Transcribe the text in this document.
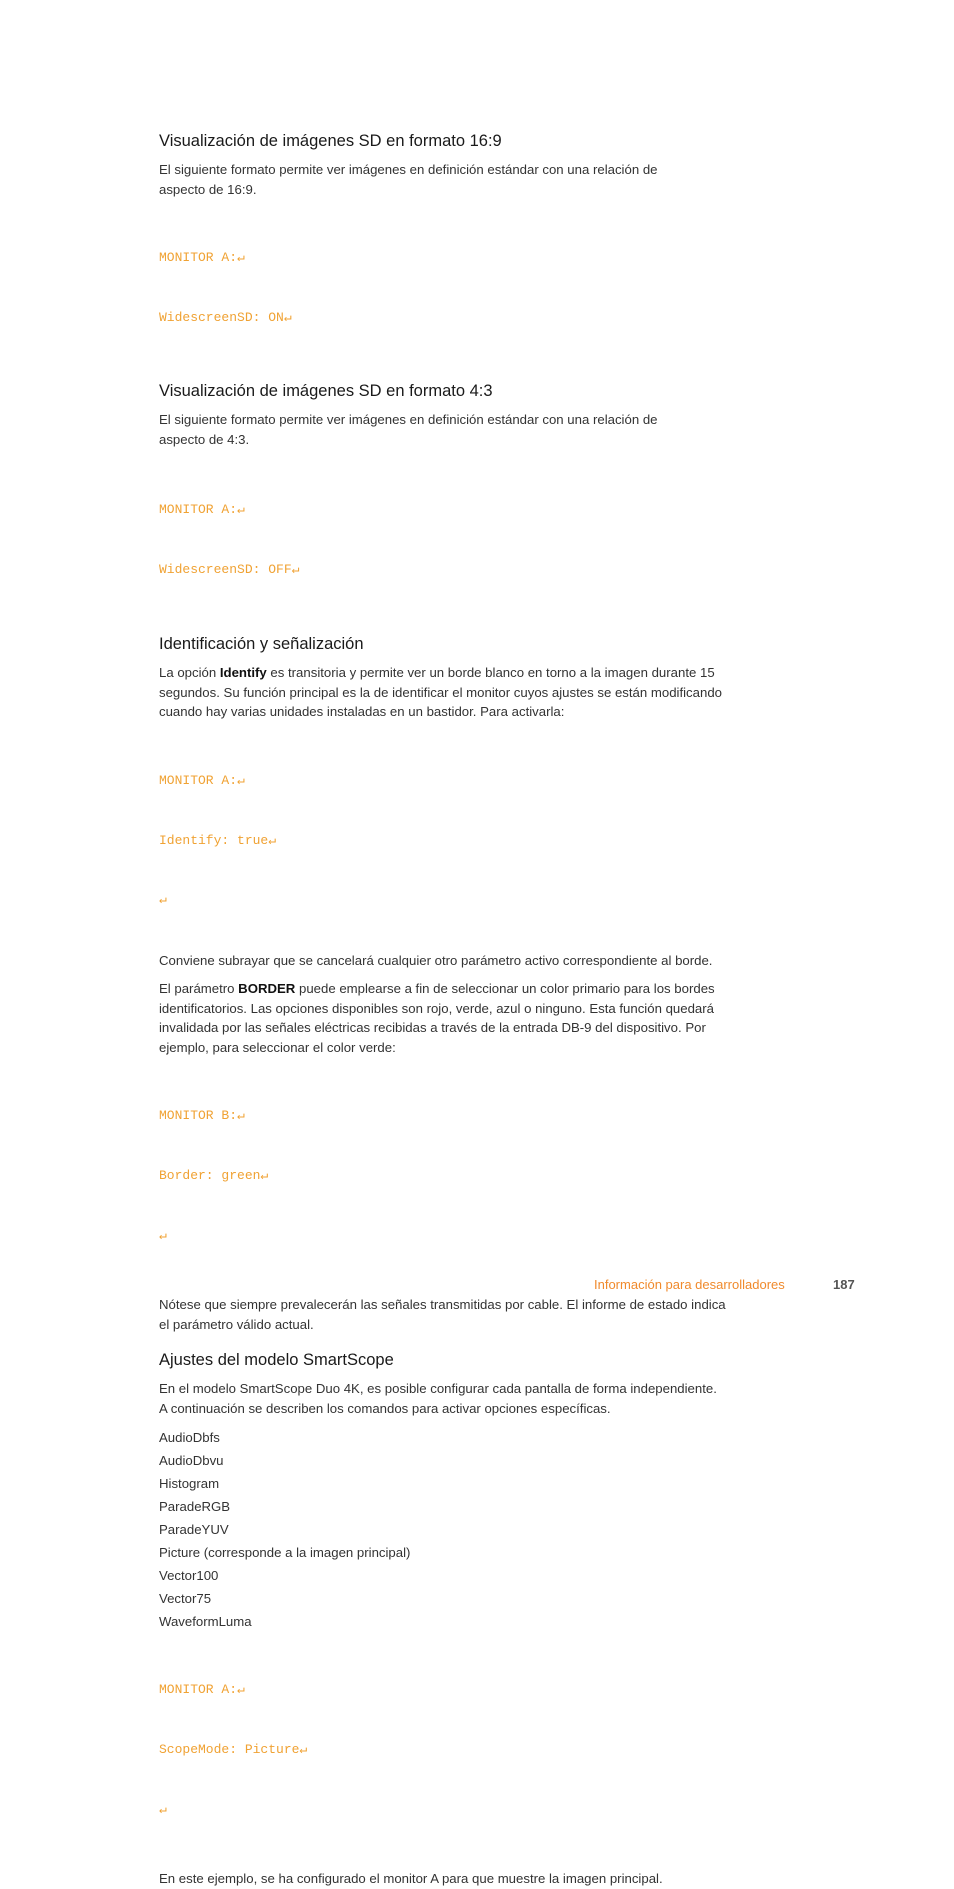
Visualización de imágenes SD en formato 16:9

El siguiente formato permite ver imágenes en definición estándar con una relación de
aspecto de 16:9.

MONITOR A:↵

WidescreenSD: ON↵

Visualización de imágenes SD en formato 4:3

El siguiente formato permite ver imágenes en definición estándar con una relación de
aspecto de 4:3.

MONITOR A:↵

WidescreenSD: OFF↵

Identificación y señalización

La opción Identify es transitoria y permite ver un borde blanco en torno a la imagen durante 15
segundos. Su función principal es la de identificar el monitor cuyos ajustes se están modificando
cuando hay varias unidades instaladas en un bastidor. Para activarla:

MONITOR A:↵

Identify: true↵

↵

Conviene subrayar que se cancelará cualquier otro parámetro activo correspondiente al borde.

El parámetro BORDER puede emplearse a fin de seleccionar un color primario para los bordes
identificatorios. Las opciones disponibles son rojo, verde, azul o ninguno. Esta función quedará
invalidada por las señales eléctricas recibidas a través de la entrada DB-9 del dispositivo. Por
ejemplo, para seleccionar el color verde:

MONITOR B:↵

Border: green↵

↵

Nótese que siempre prevalecerán las señales transmitidas por cable. El informe de estado indica
el parámetro válido actual.

Ajustes del modelo SmartScope

En el modelo SmartScope Duo 4K, es posible configurar cada pantalla de forma independiente.
A continuación se describen los comandos para activar opciones específicas.

AudioDbfs
AudioDbvu
Histogram
ParadeRGB
ParadeYUV
Picture (corresponde a la imagen principal)
Vector100
Vector75
WaveformLuma

MONITOR A:↵

ScopeMode: Picture↵

↵

En este ejemplo, se ha configurado el monitor A para que muestre la imagen principal.

Información para desarrolladores	187
